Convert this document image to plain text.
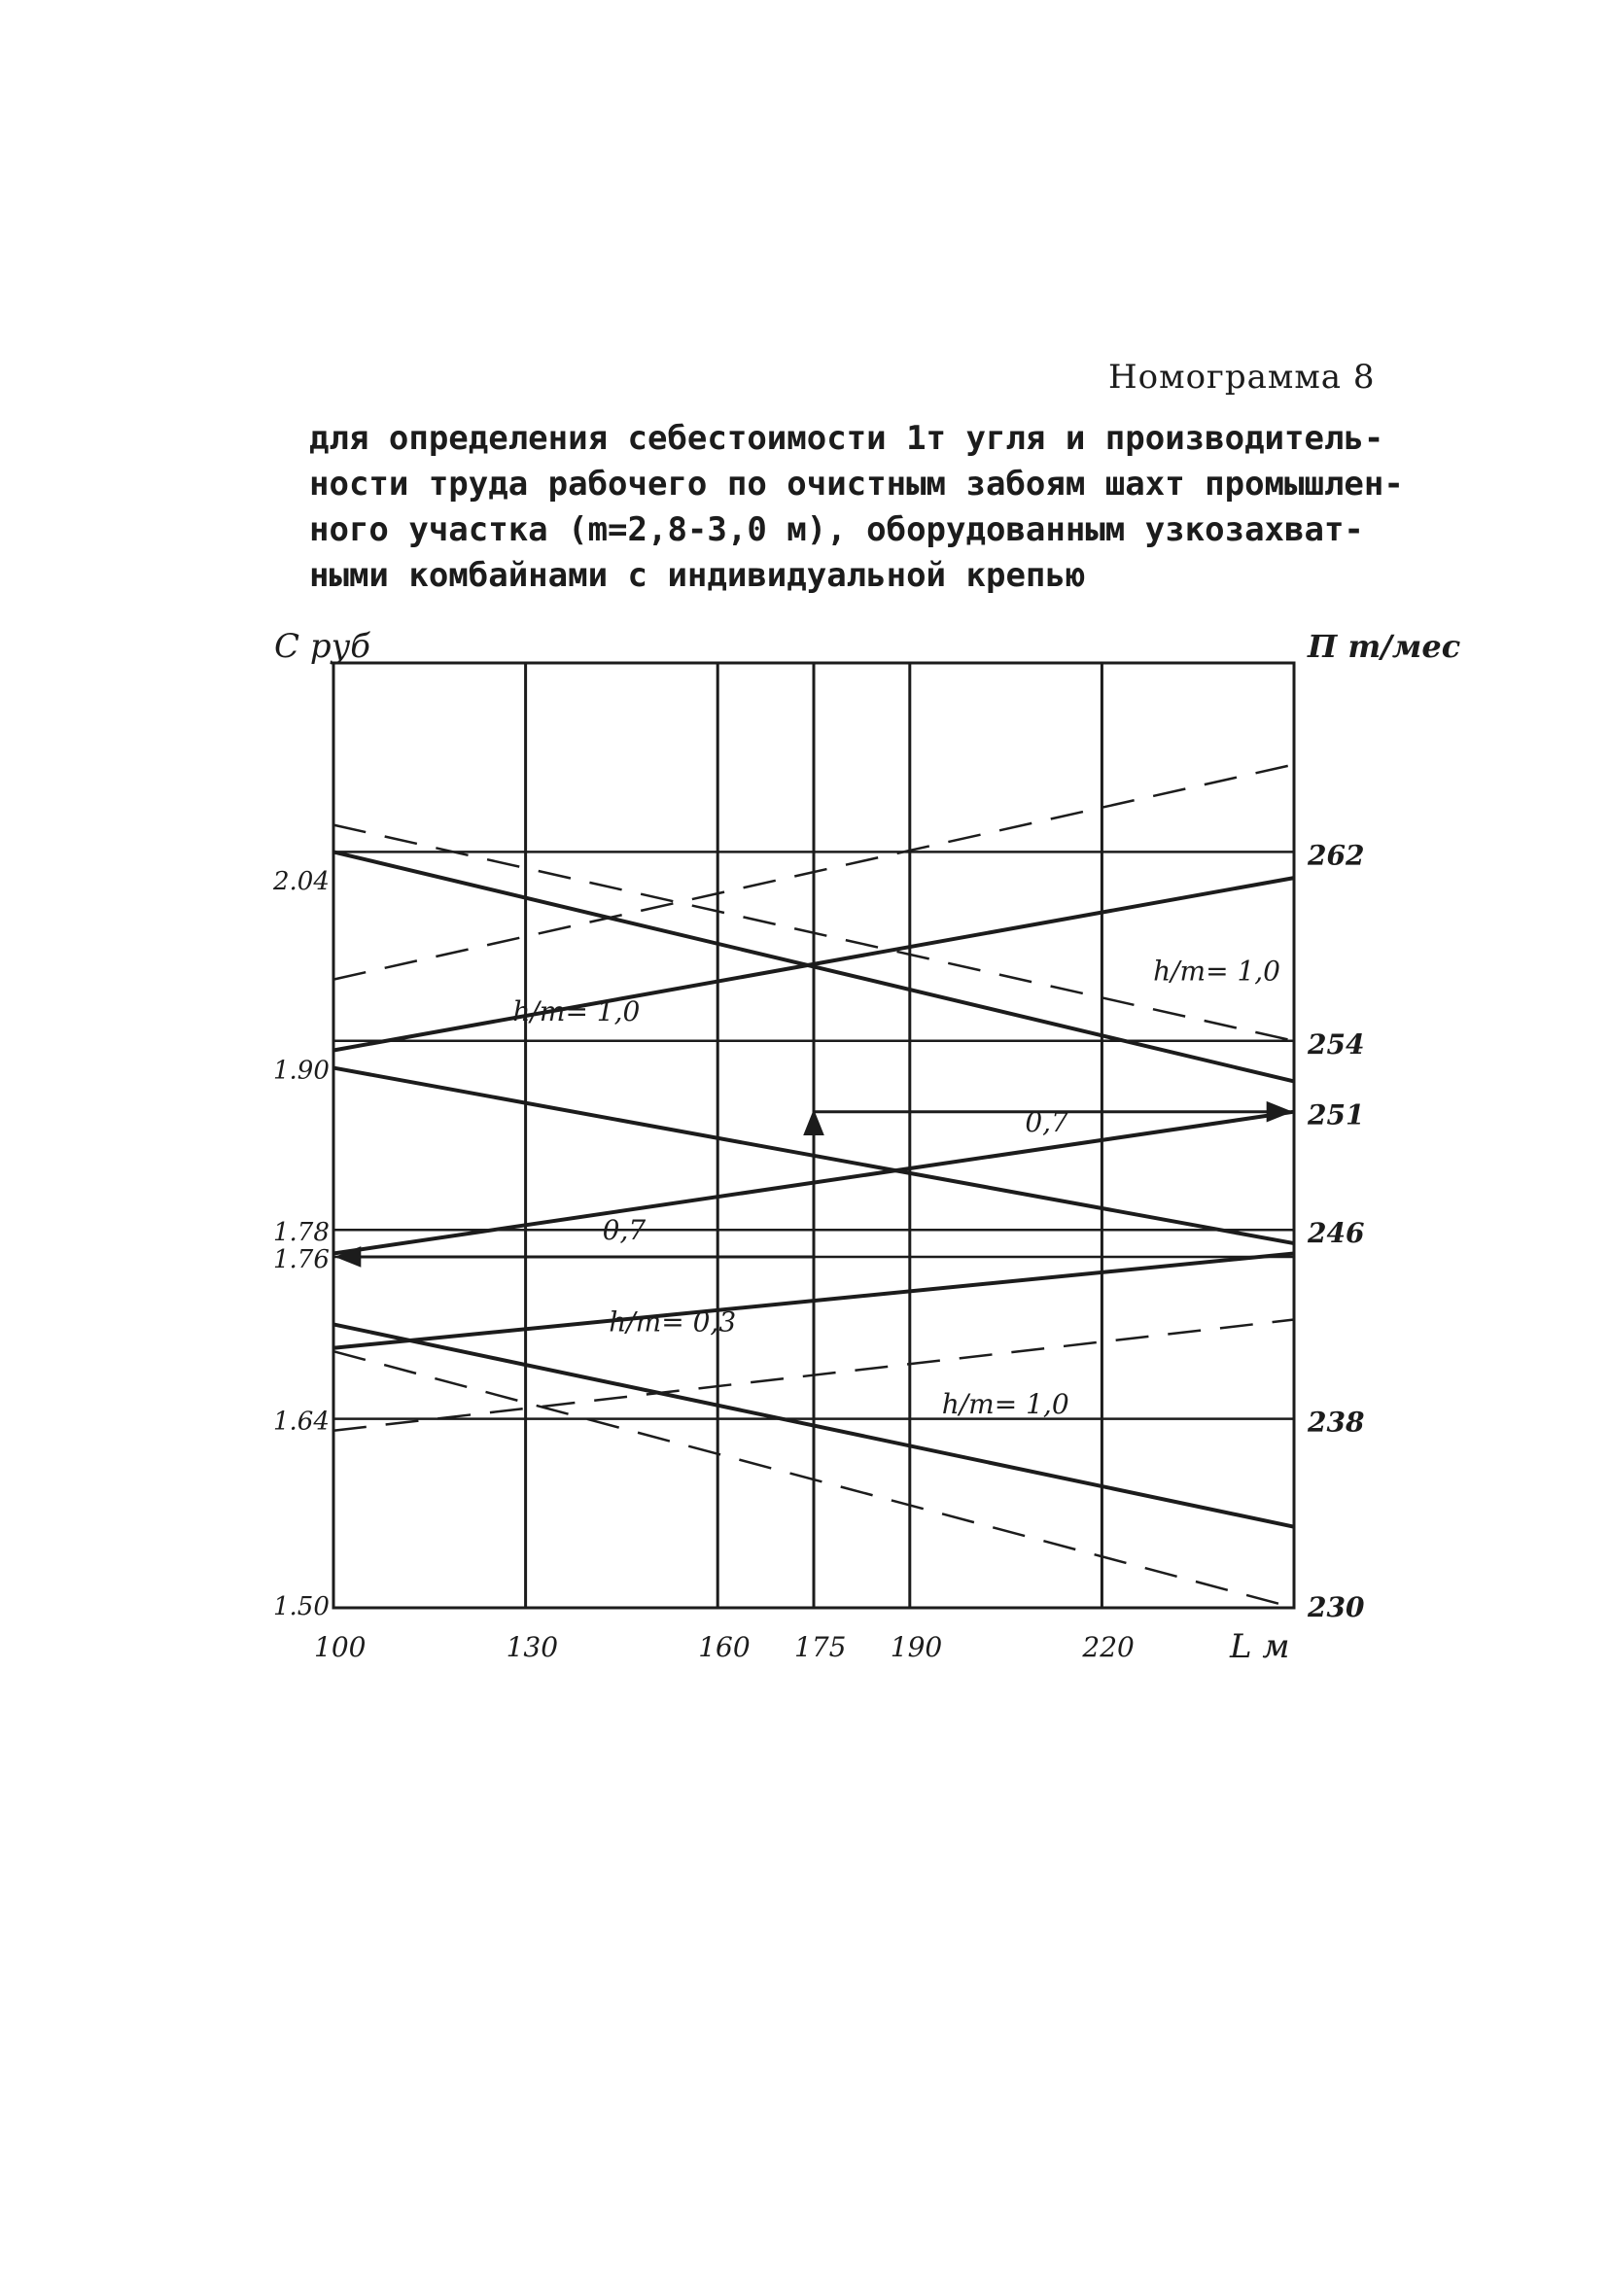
Номограмма 8
для определения себестоимости 1т угля и производитель-
ности труда рабочего по очистным забоям шахт промышлен-
ного участка (m=2,8-3,0 м), оборудованным узкозахват-
ными комбайнами с индивидуальной крепью
2.04
1.90
1.78
1.76
1.64
1.50
262
254
251
246
238
230
100	130	160 175 190	220
h/m= 1,0
h/m= 1,0
0,7
0,7
h/m= 0,3
h/m= 1,0
С руб	П т/мес
L м
